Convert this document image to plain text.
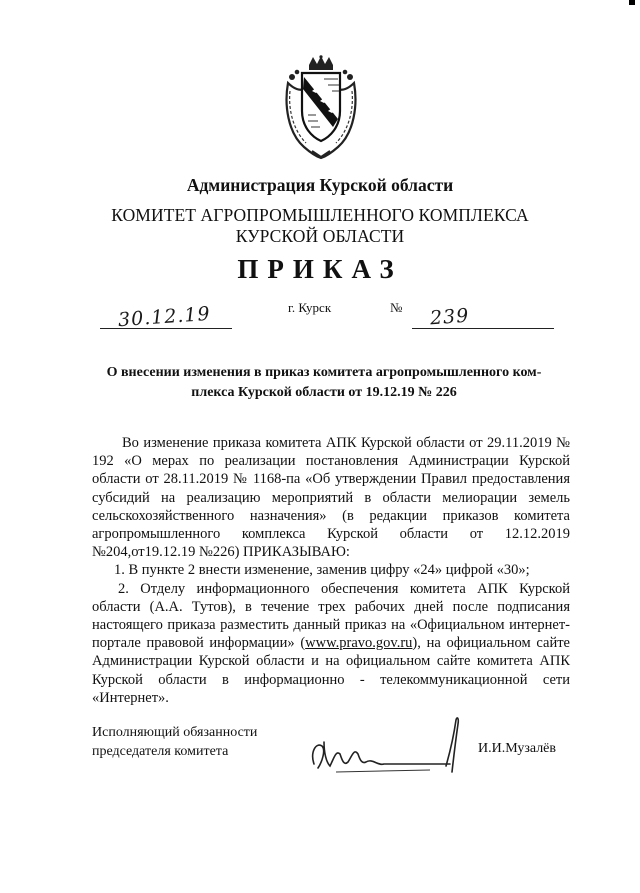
Администрация Курской области
КОМИТЕТ АГРОПРОМЫШЛЕННОГО КОМПЛЕКСА
КУРСКОЙ ОБЛАСТИ
ПРИКАЗ
г. Курск	№
30.12.19	239
О внесении изменения в приказ комитета агропромышленного ком-
плекса Курской области от 19.12.19 № 226

Во изменение приказа комитета АПК Курской области от 29.11.2019 № 192 «О мерах по реализации постановления Администрации Курской области от 28.11.2019 № 1168-па «Об утверждении Правил предоставления субсидий на реализацию мероприятий в области мелиорации земель сельскохозяйственного назначения» (в редакции приказов комитета агропромышленного комплекса Курской области от 12.12.2019 №204,от19.12.19 №226) ПРИКАЗЫВАЮ:

1. В пункте 2 внести изменение, заменив цифру «24» цифрой «30»;

2. Отделу информационного обеспечения комитета АПК Курской области (А.А. Тутов), в течение трех рабочих дней после подписания настоящего приказа разместить данный приказ на «Официальном интернет-портале правовой информации» (www.pravo.gov.ru), на официальном сайте Администрации Курской области и на официальном сайте комитета АПК Курской области в информационно - телекоммуникационной сети «Интернет».

Исполняющий обязанности
председателя комитета	И.И.Музалёв
